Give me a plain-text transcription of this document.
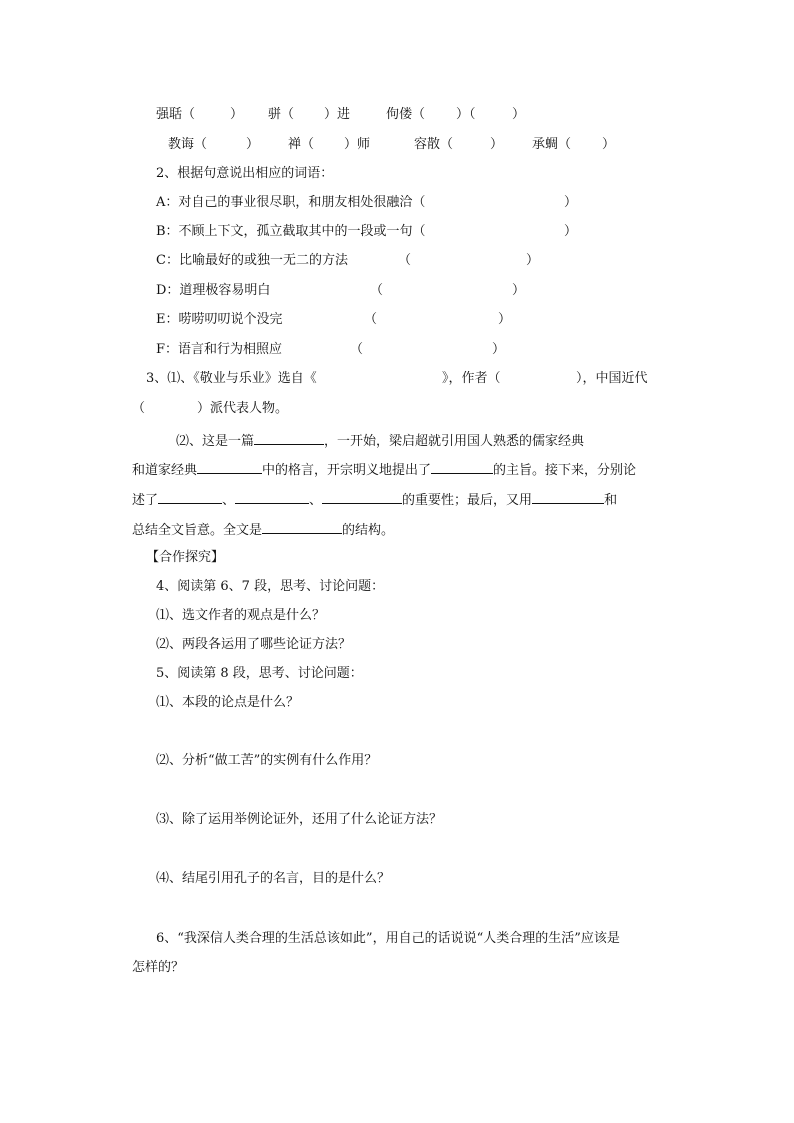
强聒（	） 骈（ ）进	佝偻（ ）（	）
教诲（	） 禅（ ）师	容散（	） 承蜩（ ）
2、根据句意说出相应的词语：
A：对自己的事业很尽职，和朋友相处很融洽（	）
B：不顾上下文，孤立截取其中的一段或一句（	）
C：比喻最好的或独一无二的方法	（	）
D：道理极容易明白	（	）
E：唠唠叨叨说个没完	（	）
F：语言和行为相照应	（	）
3、⑴、《敬业与乐业》选自《	》，作者（	），中国近代
（　　　　）派代表人物。
⑵、这是一篇	，一开始，梁启超就引用国人熟悉的儒家经典
和道家经典	中的格言，开宗明义地提出了	的主旨。接下来，分别论
述了	、	、	的重要性；最后，又用	和
总结全文旨意。全文是	的结构。
【合作探究】
4、阅读第 6、7 段，思考、讨论问题：
⑴、选文作者的观点是什么？
⑵、两段各运用了哪些论证方法？
5、阅读第 8 段，思考、讨论问题：
⑴、本段的论点是什么？
⑵、分析“做工苦”的实例有什么作用？
⑶、除了运用举例论证外，还用了什么论证方法？
⑷、结尾引用孔子的名言，目的是什么？
6、“我深信人类合理的生活总该如此”，用自己的话说说“人类合理的生活”应该是
怎样的？
